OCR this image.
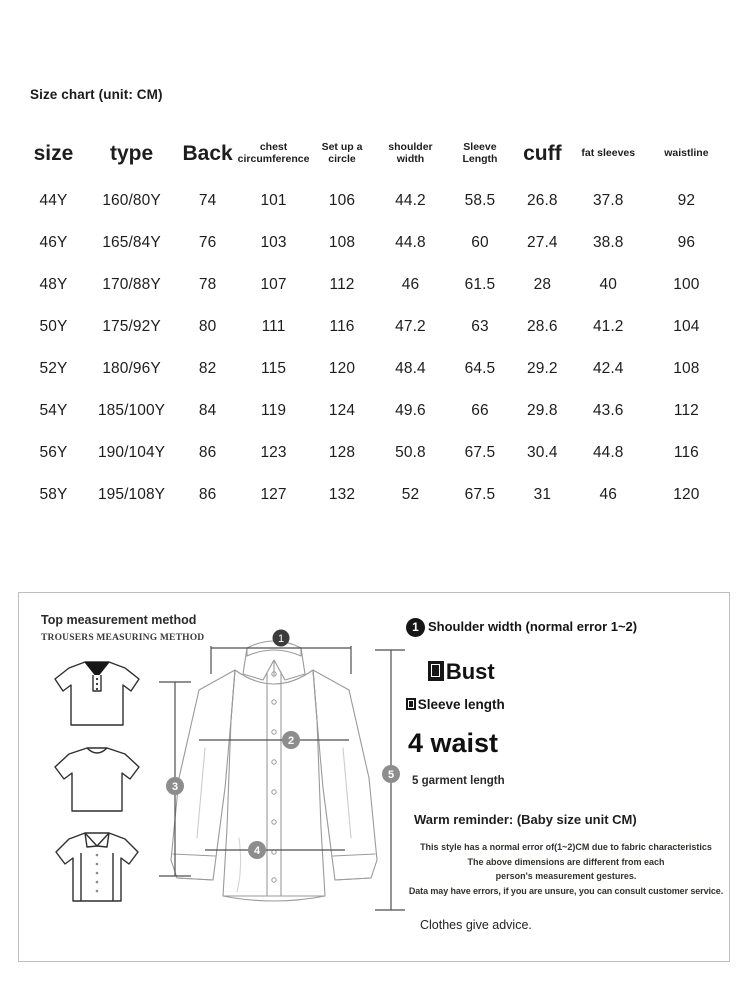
Size chart (unit: CM)
size	type	Back	chest circumference	Set up a circle	shoulder width	Sleeve Length	cuff	fat sleeves	waistline
44Y	160/80Y	74	101	106	44.2	58.5	26.8	37.8	92
46Y	165/84Y	76	103	108	44.8	60	27.4	38.8	96
48Y	170/88Y	78	107	112	46	61.5	28	40	100
50Y	175/92Y	80	111	116	47.2	63	28.6	41.2	104
52Y	180/96Y	82	115	120	48.4	64.5	29.2	42.4	108
54Y	185/100Y	84	119	124	49.6	66	29.8	43.6	112
56Y	190/104Y	86	123	128	50.8	67.5	30.4	44.8	116
58Y	195/108Y	86	127	132	52	67.5	31	46	120
Top measurement method
TROUSERS MEASURING METHOD	1
2
3
4
5
1 Shoulder width (normal error 1~2)
Bust
Sleeve length
4 waist
5 garment length
Warm reminder: (Baby size unit CM)
This style has a normal error of(1~2)CM due to fabric characteristics
The above dimensions are different from each
person's measurement gestures.
Data may have errors, if you are unsure, you can consult customer service.
Clothes give advice.
